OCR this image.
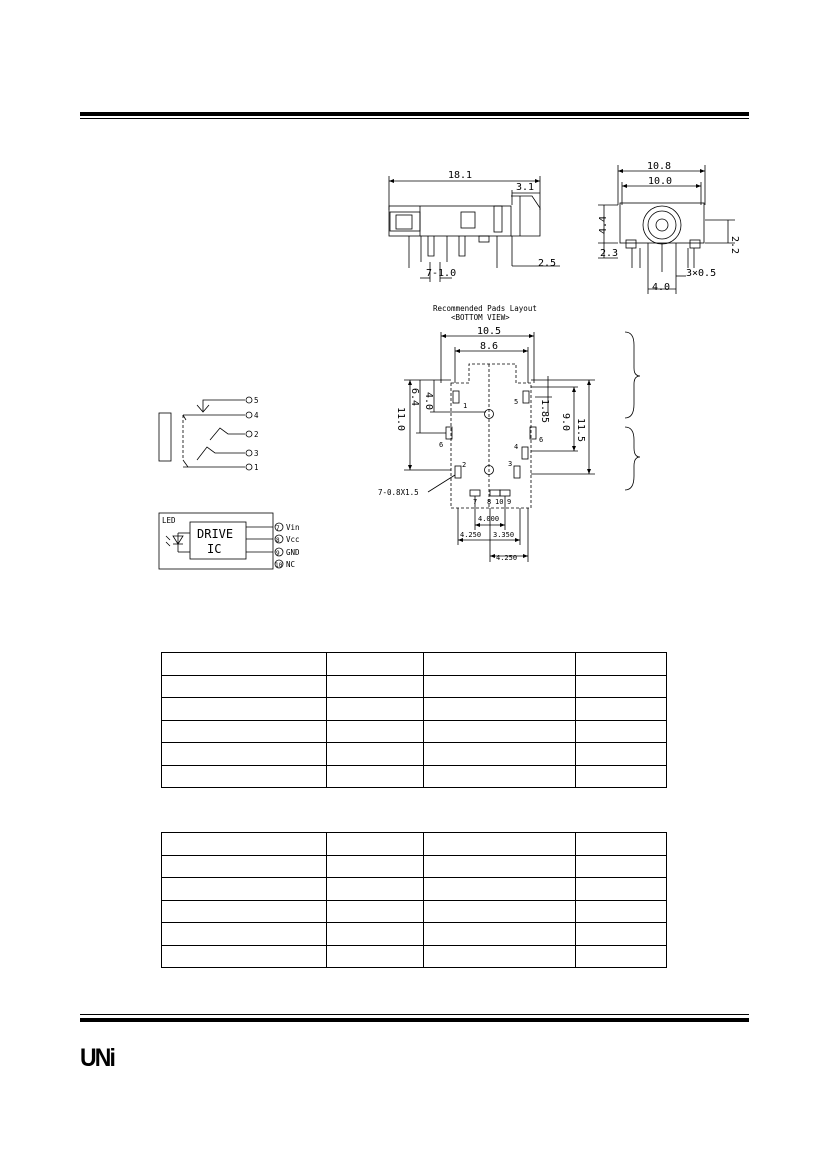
18.1
3.1
7-1.0
2.5
10.8
10.0
4.4
2.3	2.2
3×0.5
4.0
Recommended Pads Layout
<BOTTOM VIEW>
10.5
8.6
11.0
6.4 4.0	1.85 9.0 11.5
7-0.8X1.5
4.000
4.250 3.350
4.250
1
2	3
4
5
6
6
7 8 10 9
5
4
2
3
1
LED
DRIVE
IC
7
8
9
10
Vin
Vcc
GND
NC

UNi
